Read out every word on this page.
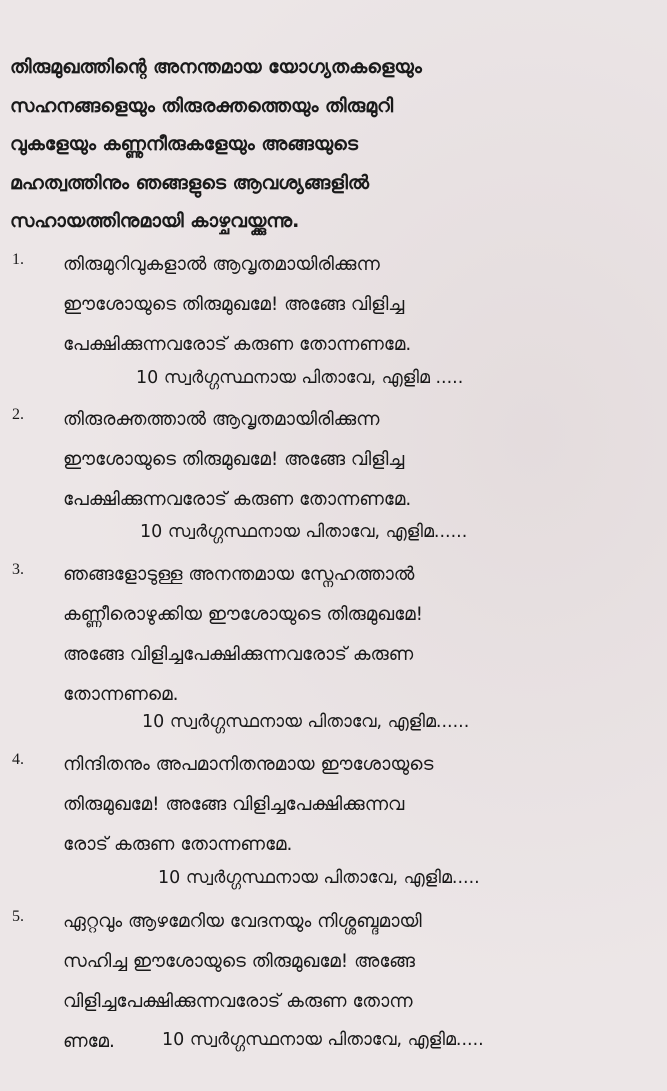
തിരുമുഖത്തിന്റെ അനന്തമായ യോഗ്യതകളെയും
സഹനങ്ങളെയും തിരുരക്തത്തെയും തിരുമുറി
വുകളേയും കണ്ണുനീരുകളേയും അങ്ങയുടെ
മഹത്വത്തിനും ഞങ്ങളുടെ ആവശ്യങ്ങളിൽ
സഹായത്തിനുമായി കാഴ്ചവയ്ക്കുന്നു.
1. തിരുമുറിവുകളാൽ ആവൃതമായിരിക്കുന്ന
ഈശോയുടെ തിരുമുഖമേ! അങ്ങേ വിളിച്ച
പേക്ഷിക്കുന്നവരോട് കരുണ തോന്നണമേ.
10 സ്വർഗ്ഗസ്ഥനായ പിതാവേ, എളിമ .....
2. തിരുരക്തത്താൽ ആവൃതമായിരിക്കുന്ന
ഈശോയുടെ തിരുമുഖമേ! അങ്ങേ വിളിച്ച
പേക്ഷിക്കുന്നവരോട് കരുണ തോന്നണമേ.
10 സ്വർഗ്ഗസ്ഥനായ പിതാവേ, എളിമ......
3. ഞങ്ങളോടുള്ള അനന്തമായ സ്നേഹത്താൽ
കണ്ണീരൊഴുക്കിയ ഈശോയുടെ തിരുമുഖമേ!
അങ്ങേ വിളിച്ചപേക്ഷിക്കുന്നവരോട് കരുണ
തോന്നണമെ.
10 സ്വർഗ്ഗസ്ഥനായ പിതാവേ, എളിമ......
4. നിന്ദിതനും അപമാനിതനുമായ ഈശോയുടെ
തിരുമുഖമേ! അങ്ങേ വിളിച്ചപേക്ഷിക്കുന്നവ
രോട് കരുണ തോന്നണമേ.
10 സ്വർഗ്ഗസ്ഥനായ പിതാവേ, എളിമ.....
5. ഏറ്റവും ആഴമേറിയ വേദനയും നിശ്ശബ്ദമായി
സഹിച്ച ഈശോയുടെ തിരുമുഖമേ! അങ്ങേ
വിളിച്ചപേക്ഷിക്കുന്നവരോട് കരുണ തോന്ന
ണമേ.	10 സ്വർഗ്ഗസ്ഥനായ പിതാവേ, എളിമ.....
